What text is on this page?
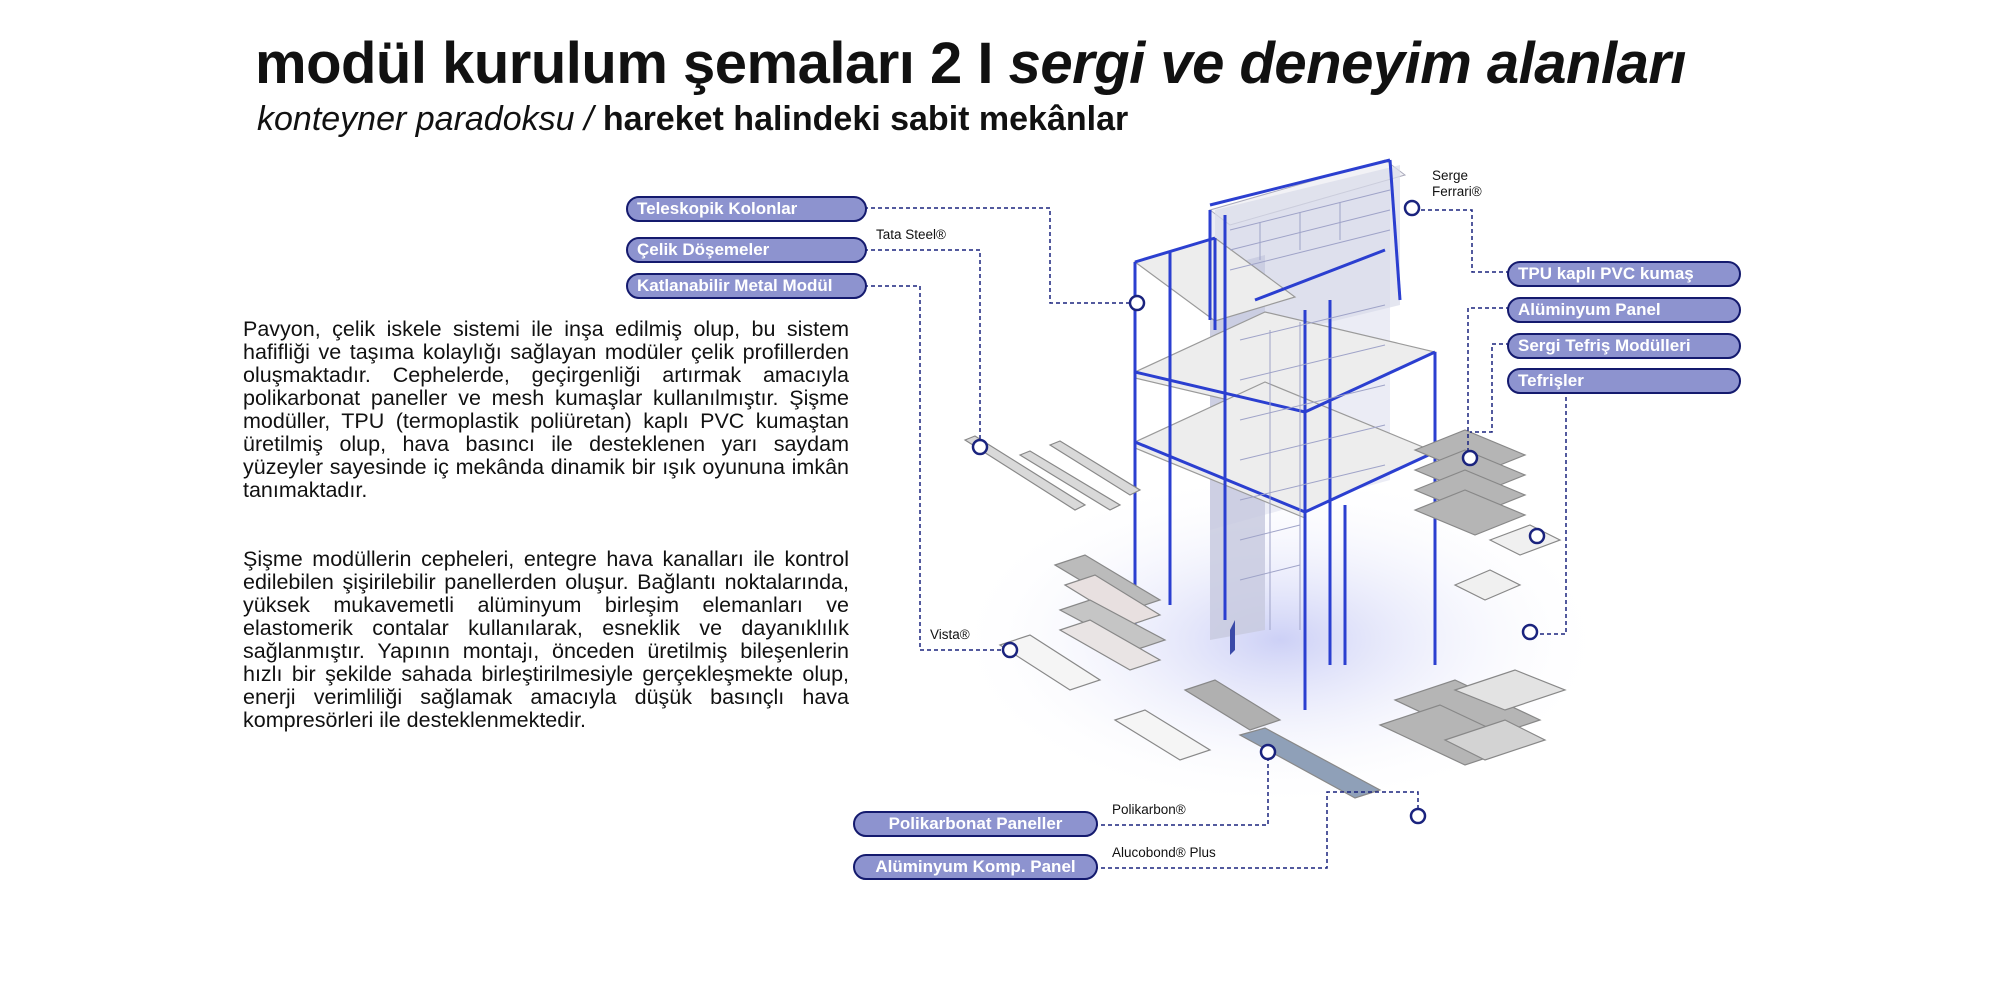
modül kurulum şemaları 2 I sergi ve deneyim alanları
konteyner paradoksu / hareket halindeki sabit mekânlar
Pavyon, çelik iskele sistemi ile inşa edilmiş olup, bu sistem hafifliği ve taşıma kolaylığı sağlayan modüler çelik profillerden oluşmaktadır. Cephelerde, geçirgenliği artırmak amacıyla polikarbonat paneller ve mesh kumaşlar kullanılmıştır. Şişme modüller, TPU (termoplastik poliüretan) kaplı PVC kumaştan üretilmiş olup, hava basıncı ile desteklenen yarı saydam yüzeyler sayesinde iç mekânda dinamik bir ışık oyununa imkân tanımaktadır.
Şişme modüllerin cepheleri, entegre hava kanalları ile kontrol edilebilen şişirilebilir panellerden oluşur. Bağlantı noktalarında, yüksek mukavemetli alüminyum birleşim elemanları ve elastomerik contalar kullanılarak, esneklik ve dayanıklılık sağlanmıştır. Yapının montajı, önceden üretilmiş bileşenlerin hızlı bir şekilde sahada birleştirilmesiyle gerçekleşmekte olup, enerji verimliliği sağlamak amacıyla düşük basınçlı hava kompresörleri ile desteklenmektedir.
Teleskopik Kolonlar
Çelik Döşemeler
Katlanabilir Metal Modül
TPU kaplı PVC kumaş
Alüminyum Panel
Sergi Tefriş Modülleri
Tefrişler
Polikarbonat Paneller
Alüminyum Komp. Panel
Tata Steel®
Serge
Ferrari®
Vista®
Polikarbon®
Alucobond® Plus
